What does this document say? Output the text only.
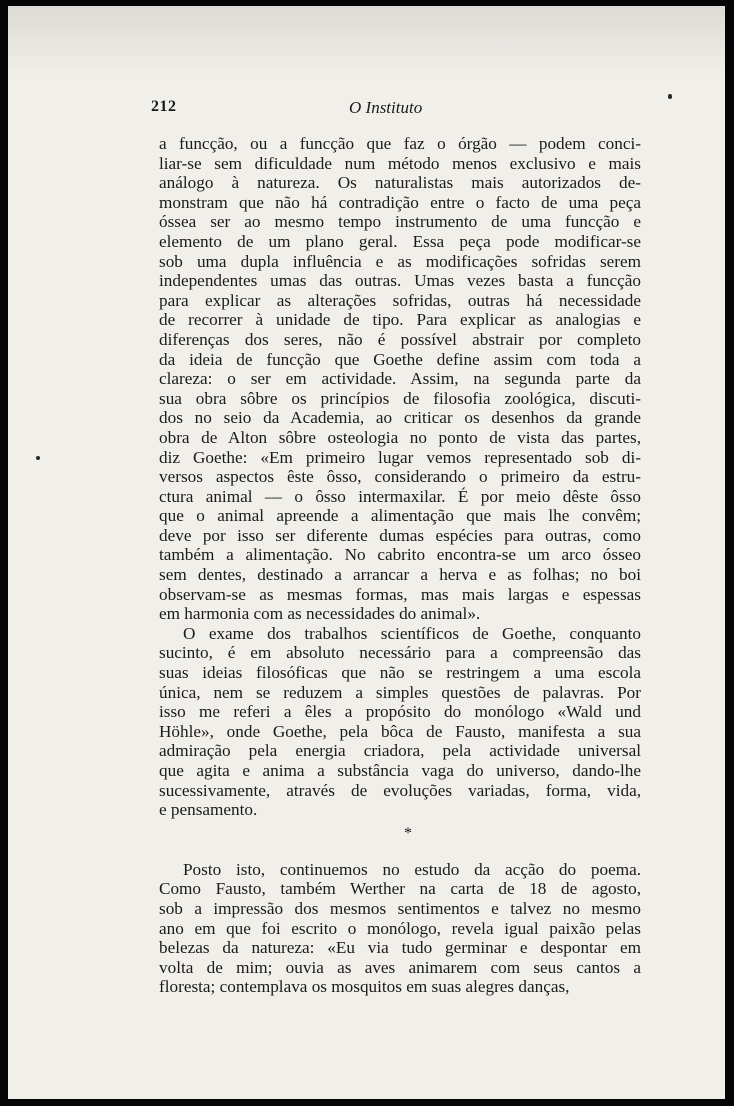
212	O Instituto
a funcção, ou a funcção que faz o órgão — podem conci-
liar-se sem dificuldade num método menos exclusivo e mais
análogo à natureza. Os naturalistas mais autorizados de-
monstram que não há contradição entre o facto de uma peça
óssea ser ao mesmo tempo instrumento de uma funcção e
elemento de um plano geral. Essa peça pode modificar-se
sob uma dupla influência e as modificações sofridas serem
independentes umas das outras. Umas vezes basta a funcção
para explicar as alterações sofridas, outras há necessidade
de recorrer à unidade de tipo. Para explicar as analogias e
diferenças dos seres, não é possível abstrair por completo
da ideia de funcção que Goethe define assim com toda a
clareza: o ser em actividade. Assim, na segunda parte da
sua obra sôbre os princípios de filosofia zoológica, discuti-
dos no seio da Academia, ao criticar os desenhos da grande
obra de Alton sôbre osteologia no ponto de vista das partes,
diz Goethe: «Em primeiro lugar vemos representado sob di-
versos aspectos êste ôsso, considerando o primeiro da estru-
ctura animal — o ôsso intermaxilar. É por meio dêste ôsso
que o animal apreende a alimentação que mais lhe convêm;
deve por isso ser diferente dumas espécies para outras, como
também a alimentação. No cabrito encontra-se um arco ósseo
sem dentes, destinado a arrancar a herva e as folhas; no boi
observam-se as mesmas formas, mas mais largas e espessas
em harmonia com as necessidades do animal».
O exame dos trabalhos scientíficos de Goethe, conquanto
sucinto, é em absoluto necessário para a compreensão das
suas ideias filosóficas que não se restringem a uma escola
única, nem se reduzem a simples questões de palavras. Por
isso me referi a êles a propósito do monólogo «Wald und
Höhle», onde Goethe, pela bôca de Fausto, manifesta a sua
admiração pela energia criadora, pela actividade universal
que agita e anima a substância vaga do universo, dando-lhe
sucessivamente, através de evoluções variadas, forma, vida,
e pensamento.
*
Posto isto, continuemos no estudo da acção do poema.
Como Fausto, também Werther na carta de 18 de agosto,
sob a impressão dos mesmos sentimentos e talvez no mesmo
ano em que foi escrito o monólogo, revela igual paixão pelas
belezas da natureza: «Eu via tudo germinar e despontar em
volta de mim; ouvia as aves animarem com seus cantos a
floresta; contemplava os mosquitos em suas alegres danças,
